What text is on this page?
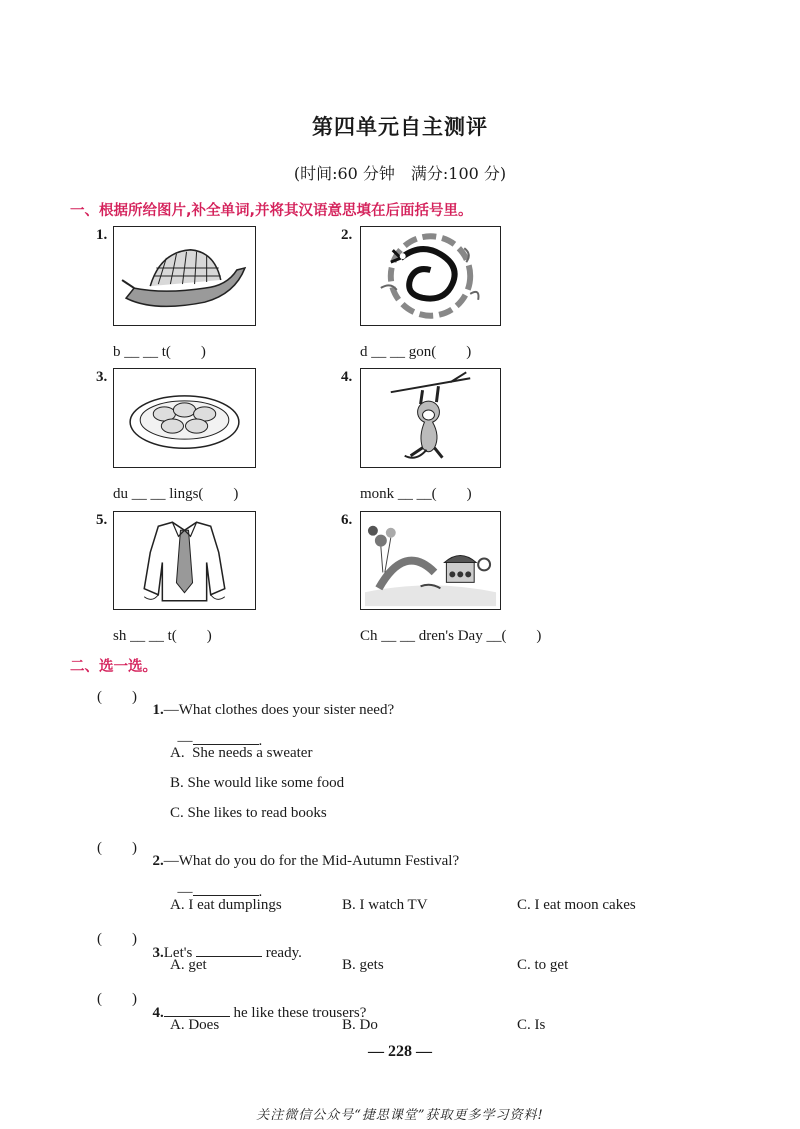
第四单元自主测评
(时间:60 分钟　满分:100 分)
一、根据所给图片,补全单词,并将其汉语意思填在后面括号里。
1.
b __ __ t(　　)
2.
d __ __ gon(　　)
3.
du __ __ lings(　　)
4.
monk __ __(　　)
5.
sh __ __ t(　　)
6.
Ch __ __ dren's Day __(　　)
二、选一选。
(　　)

1.—What clothes does your sister need?

—	.

A.  She needs a sweater
B. She would like some food
C. She likes to read books
(　　)

2.—What do you do for the Mid-Autumn Festival?

—	.

A. I eat dumplings	B. I watch TV	C. I eat moon cakes
(　　)

3.Let's	ready.

A. get	B. gets	C. to get
(　　)

4.	he like these trousers?

A. Does	B. Do	C. Is
— 228 —
关注微信公众号“捷思课堂”获取更多学习资料!
